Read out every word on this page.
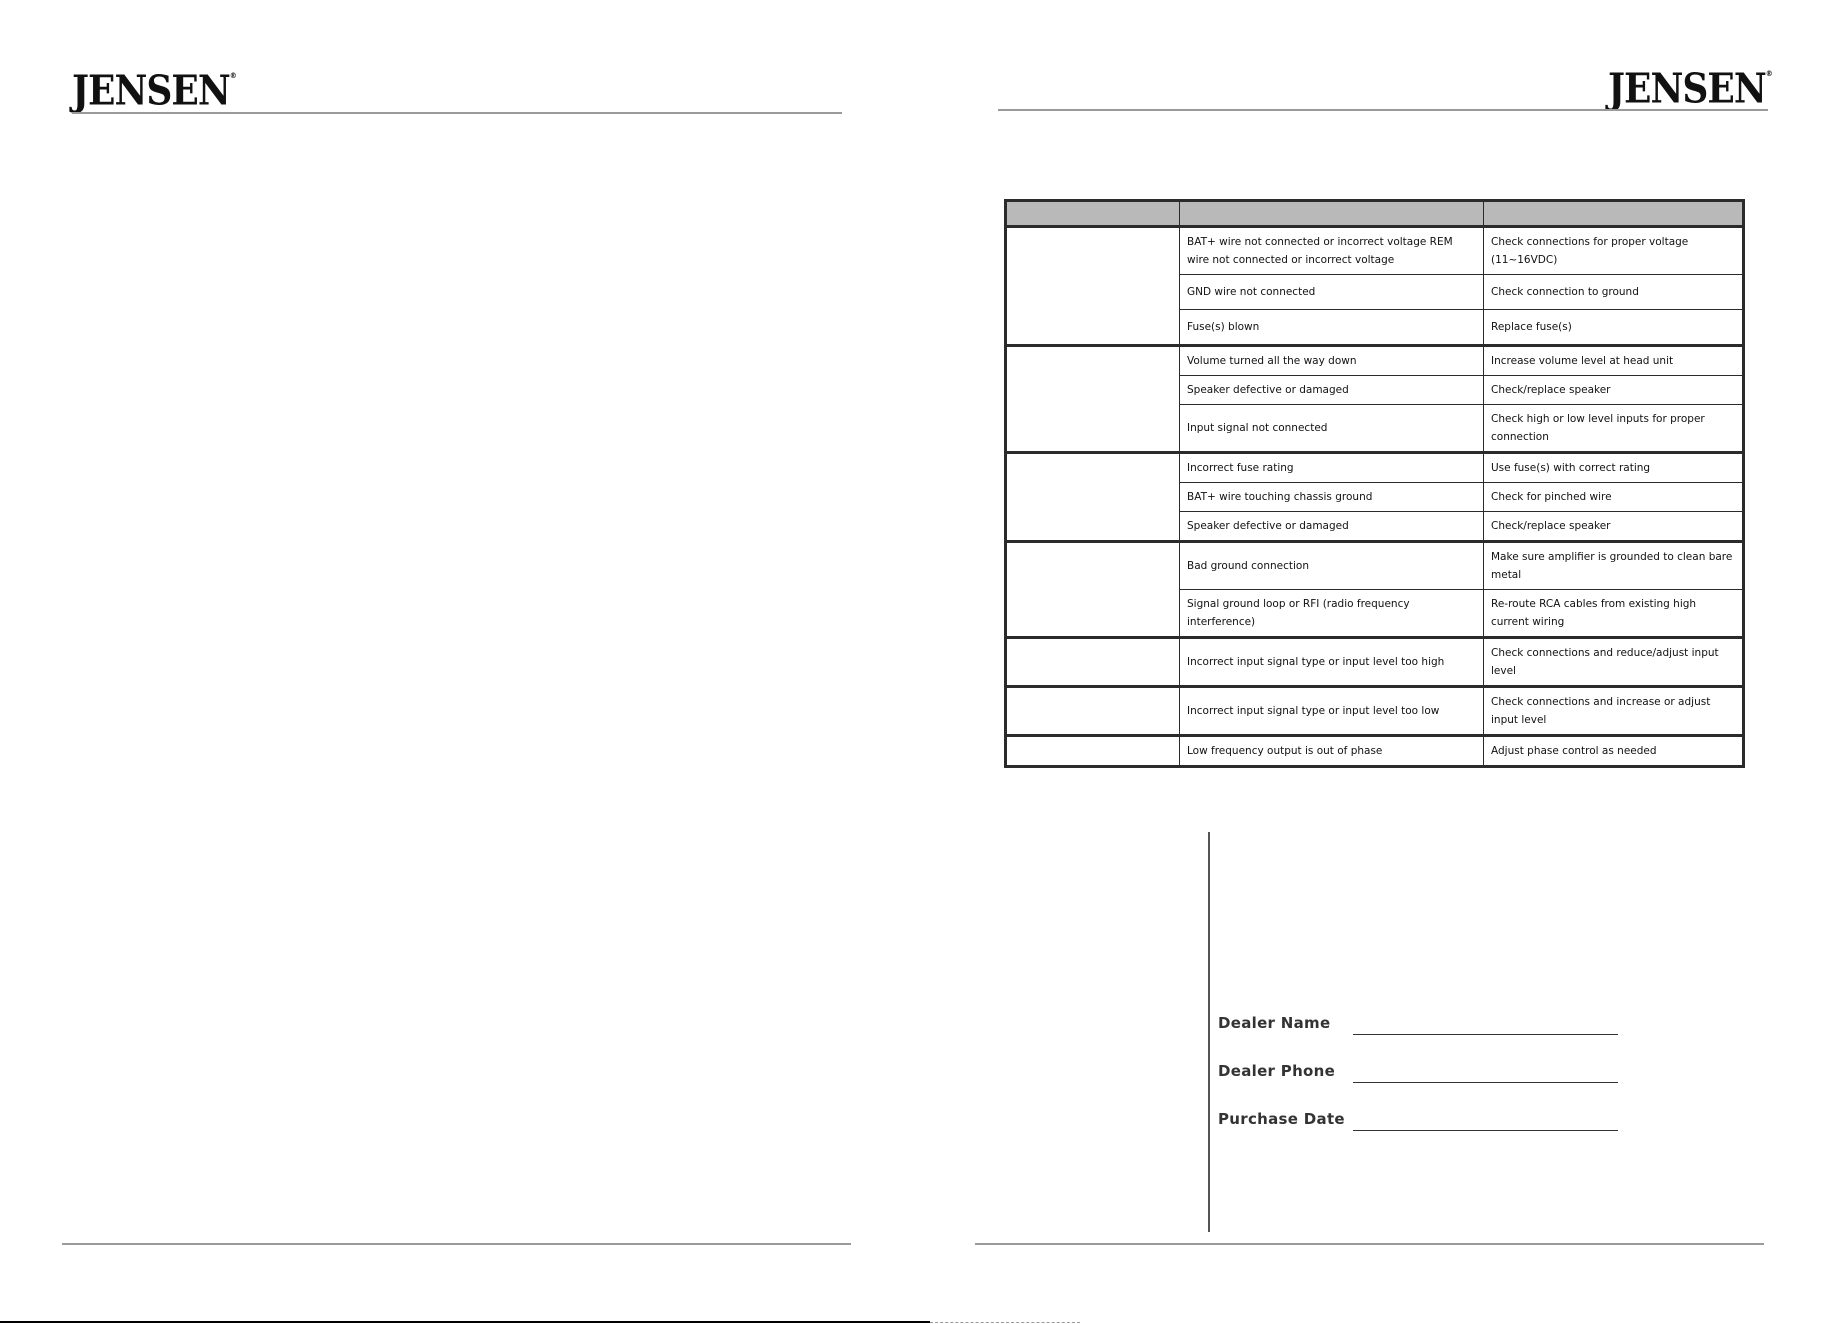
JENSEN®	JENSEN®

	BAT+ wire not connected or incorrect voltage REM wire not connected or incorrect voltage	Check connections for proper voltage (11~16VDC)
	GND wire not connected	Check connection to ground
	Fuse(s) blown	Replace fuse(s)
	Volume turned all the way down	Increase volume level at head unit
	Speaker defective or damaged	Check/replace speaker
	Input signal not connected	Check high or low level inputs for proper connection
	Incorrect fuse rating	Use fuse(s) with correct rating
	BAT+ wire touching chassis ground	Check for pinched wire
	Speaker defective or damaged	Check/replace speaker
	Bad ground connection	Make sure amplifier is grounded to clean bare metal
	Signal ground loop or RFI (radio frequency interference)	Re-route RCA cables from existing high current wiring
	Incorrect input signal type or input level too high	Check connections and reduce/adjust input level
	Incorrect input signal type or input level too low	Check connections and increase or adjust input level
	Low frequency output is out of phase	Adjust phase control as needed
Dealer Name
Dealer Phone
Purchase Date
